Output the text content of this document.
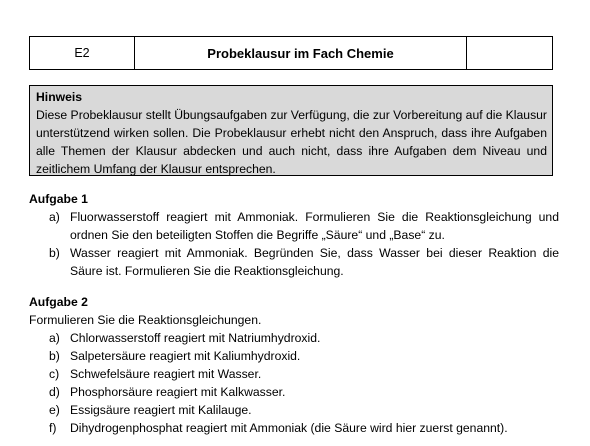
E2	Probeklausur im Fach Chemie
Hinweis
Diese Probeklausur stellt Übungsaufgaben zur Verfügung, die zur Vorbereitung auf die Klausur unterstützend wirken sollen. Die Probeklausur erhebt nicht den Anspruch, dass ihre Aufgaben alle Themen der Klausur abdecken und auch nicht, dass ihre Aufgaben dem Niveau und zeitlichem Umfang der Klausur entsprechen.
Aufgabe 1
a) Fluorwasserstoff reagiert mit Ammoniak. Formulieren Sie die Reaktionsgleichung und ordnen Sie den beteiligten Stoffen die Begriffe „Säure“ und „Base“ zu.
b) Wasser reagiert mit Ammoniak. Begründen Sie, dass Wasser bei dieser Reaktion die Säure ist. Formulieren Sie die Reaktionsgleichung.
Aufgabe 2
Formulieren Sie die Reaktionsgleichungen.
a) Chlorwasserstoff reagiert mit Natriumhydroxid.
b) Salpetersäure reagiert mit Kaliumhydroxid.
c) Schwefelsäure reagiert mit Wasser.
d) Phosphorsäure reagiert mit Kalkwasser.
e) Essigsäure reagiert mit Kalilauge.
f)	Dihydrogenphosphat reagiert mit Ammoniak (die Säure wird hier zuerst genannt).
